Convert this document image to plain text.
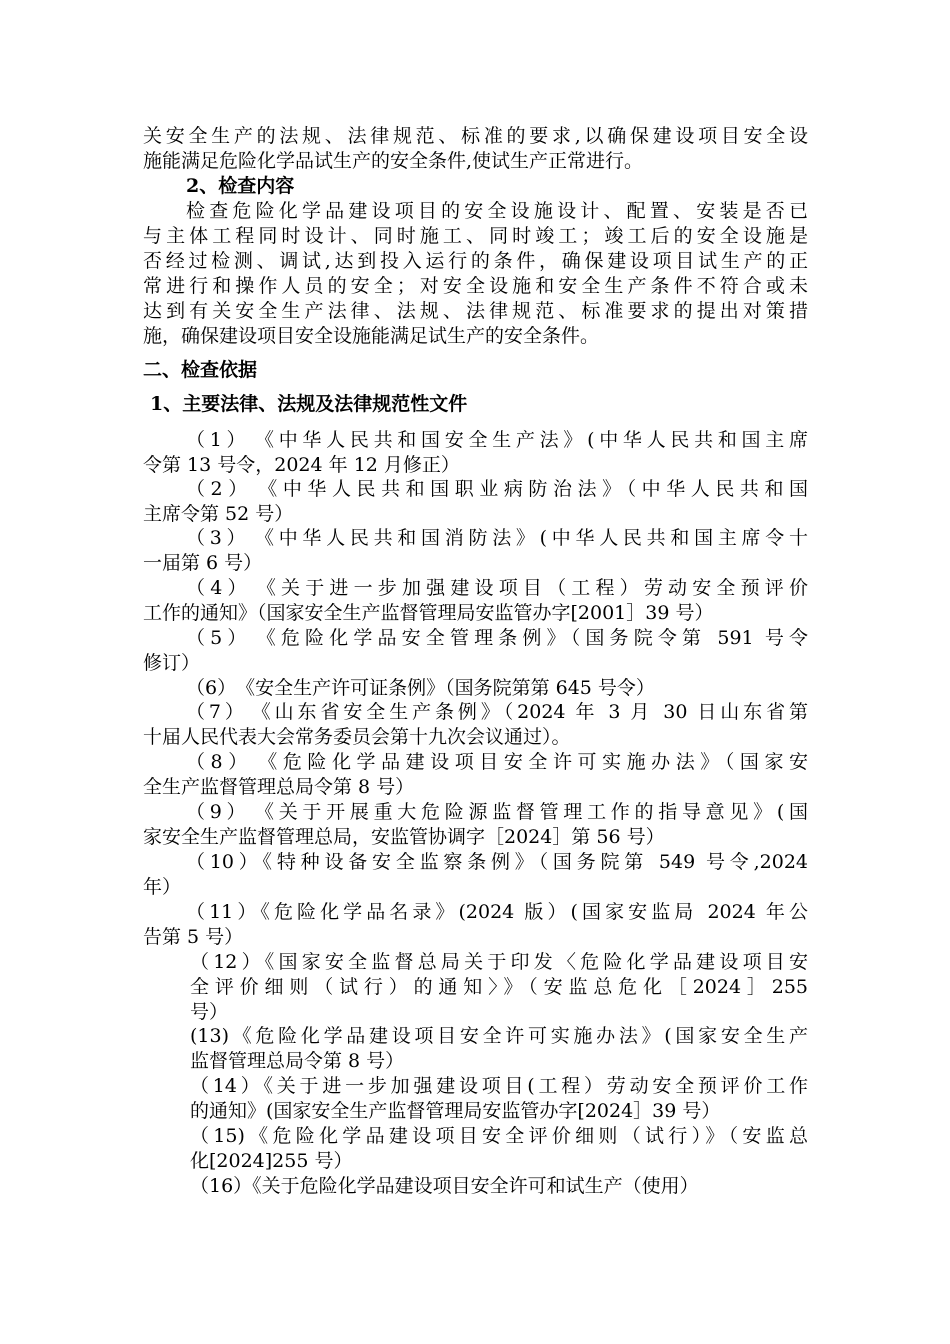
关安全生产的法规、法律规范、标准的要求,以确保建设项目安全设
施能满足危险化学品试生产的安全条件,使试生产正常进行。
2、检查内容
检查危险化学品建设项目的安全设施设计、配置、安装是否已
与主体工程同时设计、同时施工、同时竣工；竣工后的安全设施是
否经过检测、调试,达到投入运行的条件，确保建设项目试生产的正
常进行和操作人员的安全；对安全设施和安全生产条件不符合或未
达到有关安全生产法律、法规、法律规范、标准要求的提出对策措
施，确保建设项目安全设施能满足试生产的安全条件。
二、检查依据
1、主要法律、法规及法律规范性文件
（1）　《中华人民共和国安全生产法》(中华人民共和国主席
令第 13 号令，2024 年 12 月修正）
（2）　《中华人民共和国职业病防治法》（中华人民共和国
主席令第 52 号）
（3）　《中华人民共和国消防法》(中华人民共和国主席令十
一届第 6 号）
（4）　《关于进一步加强建设项目（工程）劳动安全预评价
工作的通知》（国家安全生产监督管理局安监管办字[2001］39 号）
（5）　《危险化学品安全管理条例》（国务院令第 591 号令
修订）
（6）　《安全生产许可证条例》（国务院第第 645 号令）
（7）　《山东省安全生产条例》（2024 年 3 月 30 日山东省第
十届人民代表大会常务委员会第十九次会议通过）。
（8）　《危险化学品建设项目安全许可实施办法》（国家安
全生产监督管理总局令第 8 号）
（9）　《关于开展重大危险源监督管理工作的指导意见》(国
家安全生产监督管理总局，安监管协调字［2024］第 56 号）
（10）《特种设备安全监察条例》（国务院第 549 号令,2024
年）
（11）《危险化学品名录》(2024 版）(国家安监局 2024 年公
告第 5 号）
（12）《国家安全监督总局关于印发〈危险化学品建设项目安
全评价细则（试行）的通知〉》（安监总危化［2024］255
号）
(13)《危险化学品建设项目安全许可实施办法》(国家安全生产
监督管理总局令第 8 号）
（14）《关于进一步加强建设项目(工程）劳动安全预评价工作
的通知》(国家安全生产监督管理局安监管办字[2024］39 号）
（15)《危险化学品建设项目安全评价细则（试行）》（安监总
化[2024]255 号）
（16）《关于危险化学品建设项目安全许可和试生产（使用）
